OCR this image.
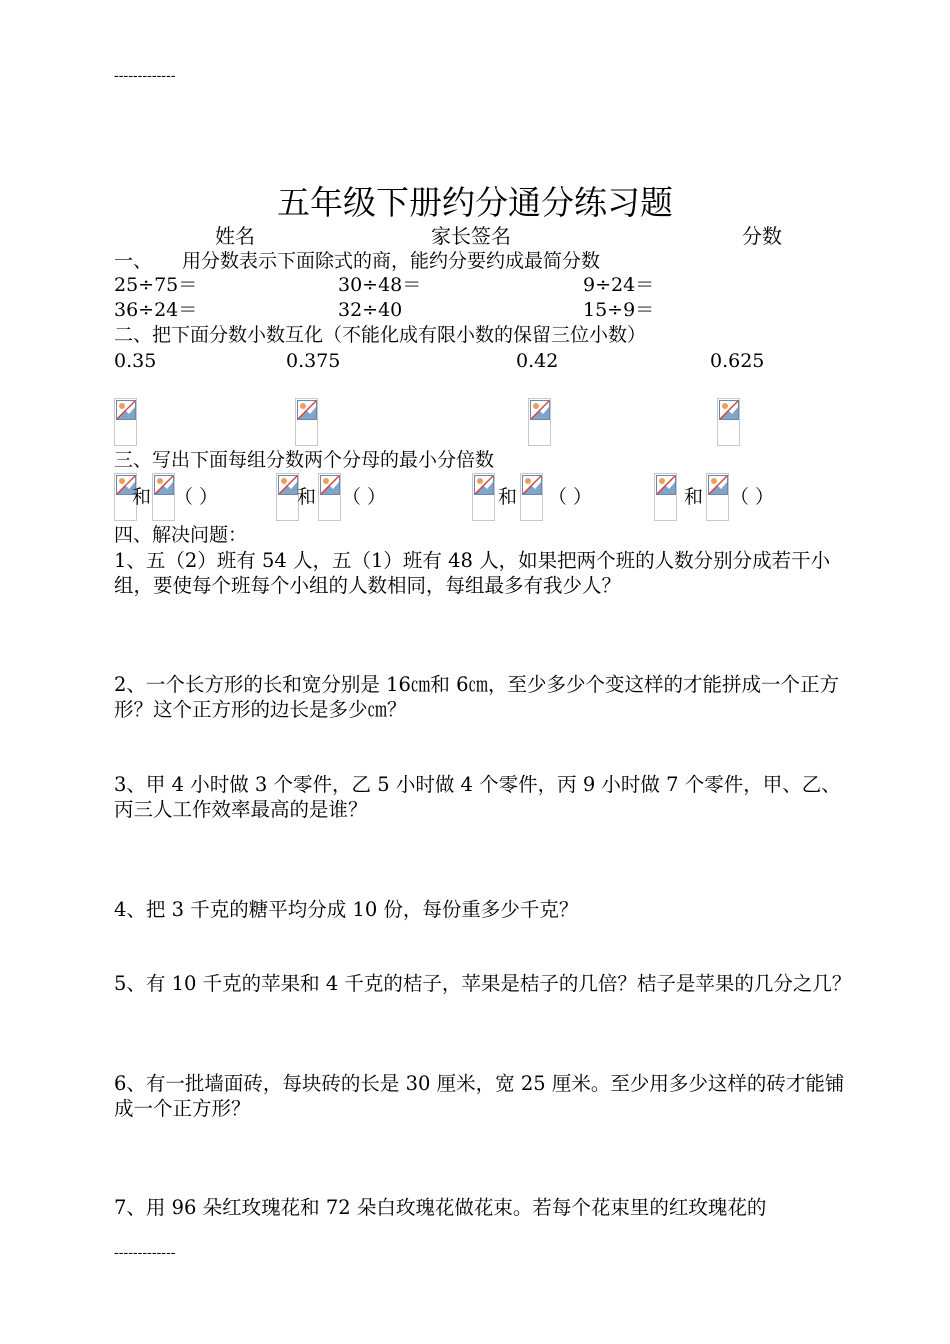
-------------
五年级下册约分通分练习题
姓名	家长签名	分数
一、 用分数表示下面除式的商，能约分要约成最简分数
25÷75＝	30÷48＝	9÷24＝
36÷24＝	32÷40	15÷9＝
二、把下面分数小数互化（不能化成有限小数的保留三位小数）
0.35	0.375	0.42	0.625
三、写出下面每组分数两个分母的最小分倍数
和 （ ）	和 （ ）	和 （ ）	和 （ ）
四、解决问题：
1、五（2）班有 54 人，五（1）班有 48 人，如果把两个班的人数分别分成若干小组，要使每个班每个小组的人数相同，每组最多有我少人？
2、一个长方形的长和宽分别是 16㎝和 6㎝，至少多少个变这样的才能拼成一个正方形？这个正方形的边长是多少㎝？
3、甲 4 小时做 3 个零件，乙 5 小时做 4 个零件，丙 9 小时做 7 个零件，甲、乙、丙三人工作效率最高的是谁？
4、把 3 千克的糖平均分成 10 份，每份重多少千克？
5、有 10 千克的苹果和 4 千克的桔子，苹果是桔子的几倍？桔子是苹果的几分之几？
6、有一批墙面砖，每块砖的长是 30 厘米，宽 25 厘米。至少用多少这样的砖才能铺成一个正方形？
7、用 96 朵红玫瑰花和 72 朵白玫瑰花做花束。若每个花束里的红玫瑰花的
-------------
